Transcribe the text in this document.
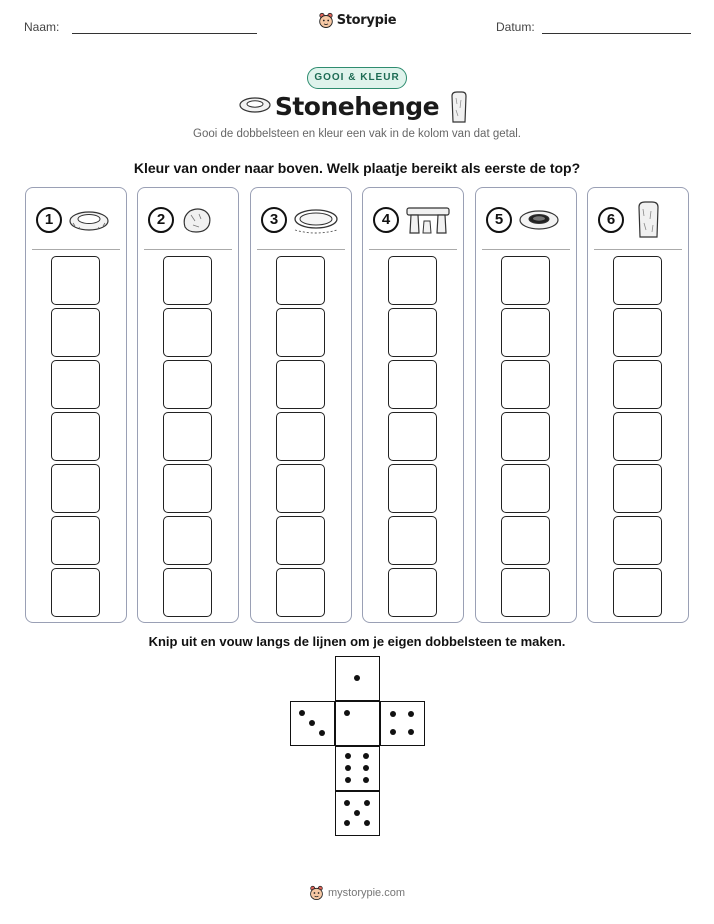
Naam:	Datum:
Storypie
GOOI & KLEUR
Stonehenge
Gooi de dobbelsteen en kleur een vak in de kolom van dat getal.
Kleur van onder naar boven. Welk plaatje bereikt als eerste de top?
1	2	3	4	5	6
Knip uit en vouw langs de lijnen om je eigen dobbelsteen te maken.
mystorypie.com
